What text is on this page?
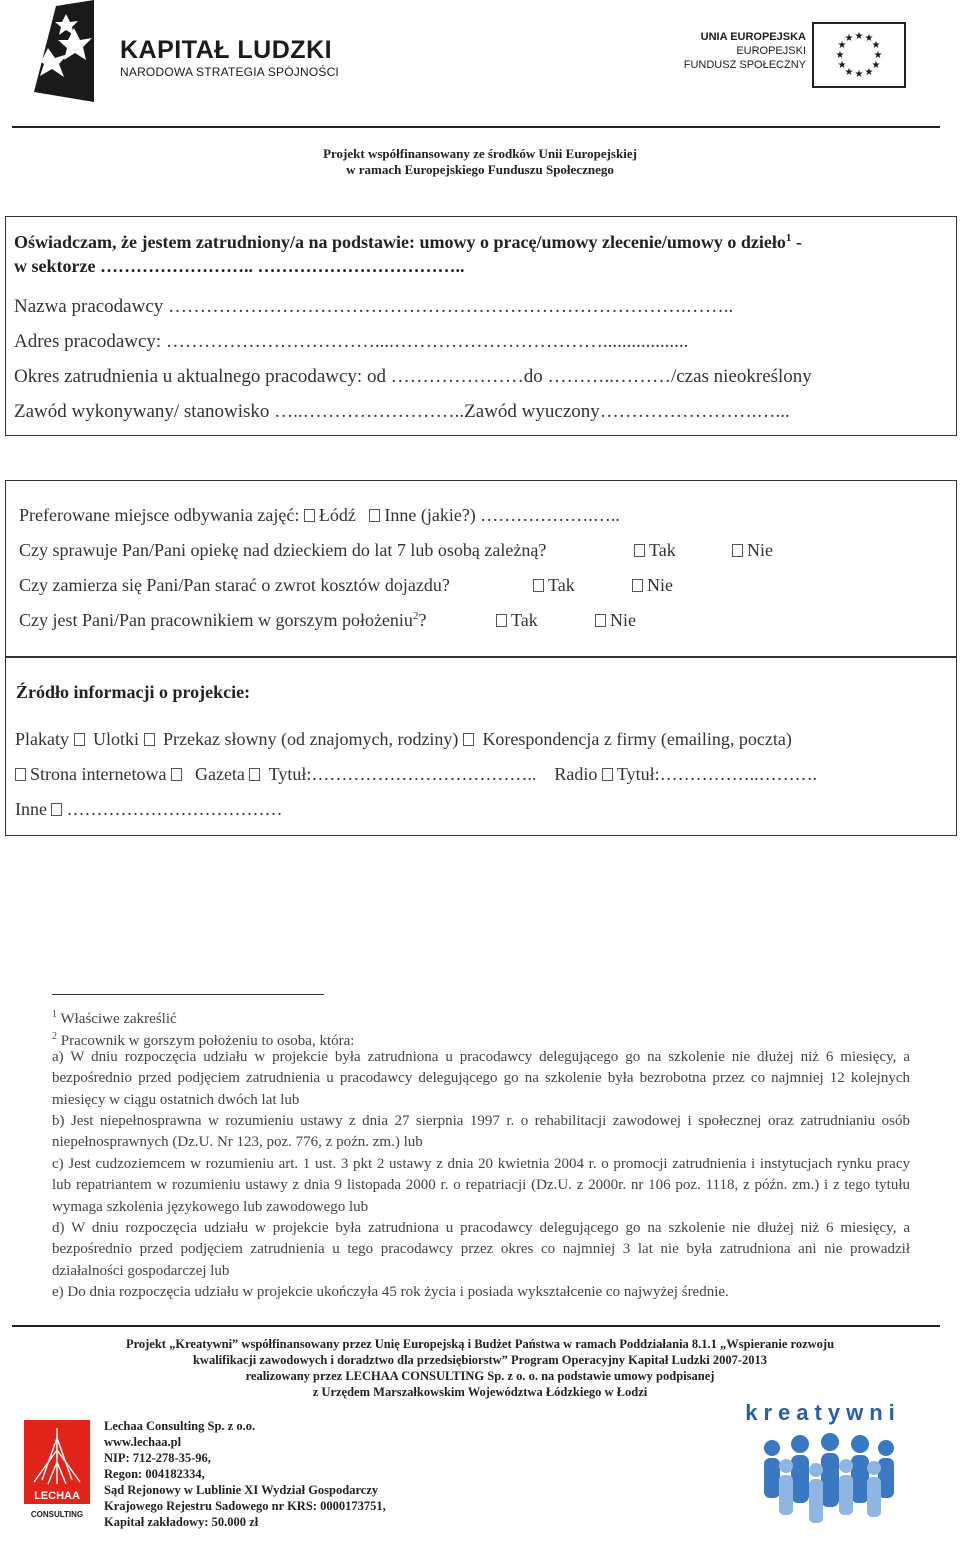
KAPITAŁ LUDZKI
NARODOWA STRATEGIA SPÓJNOŚCI
UNIA EUROPEJSKA
EUROPEJSKI
FUNDUSZ SPOŁECZNY
★ ★
★
★
★
★
★
★
★
★
★
★
Projekt współfinansowany ze środków Unii Europejskiej
w ramach Europejskiego Funduszu Społecznego
Oświadczam, że jestem zatrudniony/a na podstawie: umowy o pracę/umowy zlecenie/umowy o dzieło$^1$ -
w sektorze …………………….. ……………………………..
Nazwa pracodawcy ……………………………………………………………………….……..
Adres pracodawcy: ……………………………....……………………………..................
Okres zatrudnienia u aktualnego pracodawcy: od …………………do ………..………/czas nieokreślony
Zawód wykonywany/ stanowisko …..……………………..Zawód wyuczony…………………….…...
Preferowane miejsce odbywania zajęć: Łódź Inne (jakie?) ……………….…..
Czy sprawuje Pan/Pani opiekę nad dzieckiem do lat 7 lub osobą zależną?	Tak	Nie
Czy zamierza się Pani/Pan starać o zwrot kosztów dojazdu?	Tak	Nie
Czy jest Pani/Pan pracownikiem w gorszym położeniu$^2$?	Tak	Nie
Źródło informacji o projekcie:
Plakaty Ulotki Przekaz słowny (od znajomych, rodziny) Korespondencja z firmy (emailing, poczta)
Strona internetowa Gazeta Tytuł:……………………………….. Radio Tytuł:……………..……….
Inne ………………………………
$^1$ Właściwe zakreślić
$^2$ Pracownik w gorszym położeniu to osoba, która:
a) W dniu rozpoczęcia udziału w projekcie była zatrudniona u pracodawcy delegującego go na szkolenie nie dłużej niż 6 miesięcy, a bezpośrednio przed podjęciem zatrudnienia u pracodawcy delegującego go na szkolenie była bezrobotna przez co najmniej 12 kolejnych miesięcy w ciągu ostatnich dwóch lat lub
b) Jest niepełnosprawna w rozumieniu ustawy z dnia 27 sierpnia 1997 r. o rehabilitacji zawodowej i społecznej oraz zatrudnianiu osób niepełnosprawnych (Dz.U. Nr 123, poz. 776, z poźn. zm.) lub
c) Jest cudzoziemcem w rozumieniu art. 1 ust. 3 pkt 2 ustawy z dnia 20 kwietnia 2004 r. o promocji zatrudnienia i instytucjach rynku pracy lub repatriantem w rozumieniu ustawy z dnia 9 listopada 2000 r. o repatriacji (Dz.U. z 2000r. nr 106 poz. 1118, z późn. zm.) i z tego tytułu wymaga szkolenia językowego lub zawodowego lub
d) W dniu rozpoczęcia udziału w projekcie była zatrudniona u pracodawcy delegującego go na szkolenie nie dłużej niż 6 miesięcy, a bezpośrednio przed podjęciem zatrudnienia u tego pracodawcy przez okres co najmniej 3 lat nie była zatrudniona ani nie prowadził działalności gospodarczej lub
e) Do dnia rozpoczęcia udziału w projekcie ukończyła 45 rok życia i posiada wykształcenie co najwyżej średnie.
Projekt „Kreatywni” współfinansowany przez Unię Europejską i Budżet Państwa w ramach Poddziałania 8.1.1 „Wspieranie rozwoju
kwalifikacji zawodowych i doradztwo dla przedsiębiorstw” Program Operacyjny Kapitał Ludzki 2007-2013
realizowany przez LECHAA CONSULTING Sp. z o. o. na podstawie umowy podpisanej
z Urzędem Marszałkowskim Województwa Łódzkiego w Łodzi
LECHAA
CONSULTING
Lechaa Consulting Sp. z o.o.
www.lechaa.pl
NIP: 712-278-35-96,
Regon: 004182334,
Sąd Rejonowy w Lublinie XI Wydział Gospodarczy
Krajowego Rejestru Sadowego nr KRS: 0000173751,
Kapitał zakładowy: 50.000 zł
kreatywni
